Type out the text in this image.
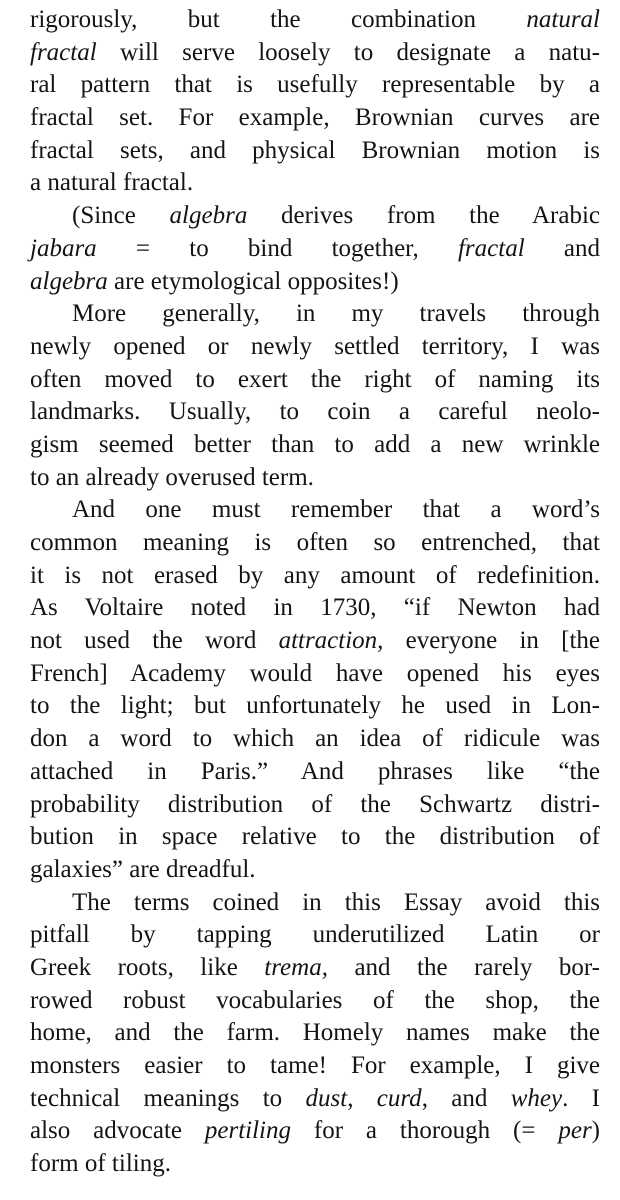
rigorously, but the combination natural
fractal will serve loosely to designate a natu-
ral pattern that is usefully representable by a
fractal set. For example, Brownian curves are
fractal sets, and physical Brownian motion is
a natural fractal.
(Since algebra derives from the Arabic
jabara = to bind together, fractal and
algebra are etymological opposites!)
More generally, in my travels through
newly opened or newly settled territory, I was
often moved to exert the right of naming its
landmarks. Usually, to coin a careful neolo-
gism seemed better than to add a new wrinkle
to an already overused term.
And one must remember that a word’s
common meaning is often so entrenched, that
it is not erased by any amount of redefinition.
As Voltaire noted in 1730, “if Newton had
not used the word attraction, everyone in [the
French] Academy would have opened his eyes
to the light; but unfortunately he used in Lon-
don a word to which an idea of ridicule was
attached in Paris.” And phrases like “the
probability distribution of the Schwartz distri-
bution in space relative to the distribution of
galaxies” are dreadful.
The terms coined in this Essay avoid this
pitfall by tapping underutilized Latin or
Greek roots, like trema, and the rarely bor-
rowed robust vocabularies of the shop, the
home, and the farm. Homely names make the
monsters easier to tame! For example, I give
technical meanings to dust, curd, and whey. I
also advocate pertiling for a thorough (= per)
form of tiling.
